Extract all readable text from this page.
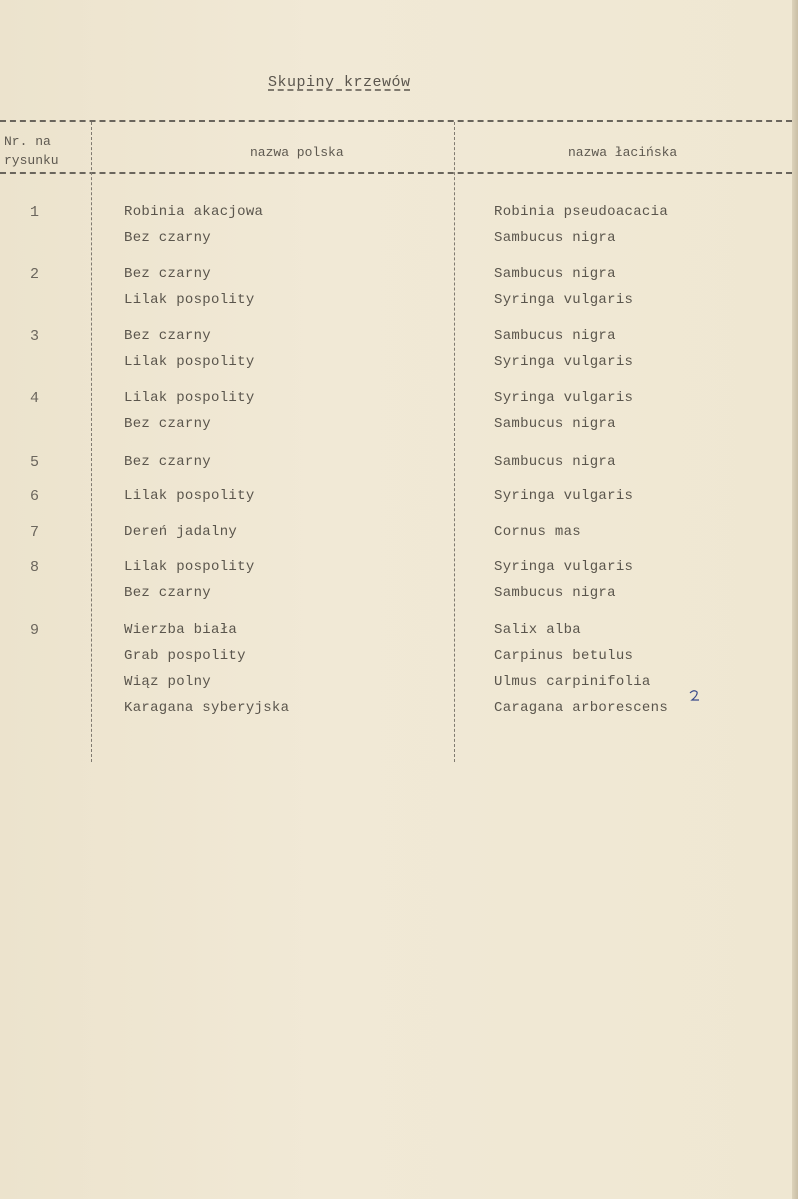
Skupiny krzewów
Nr. na rysunku
nazwa polska	nazwa łacińska
1	Robinia akacjowa	Robinia pseudoacacia
Bez czarny	Sambucus nigra
2	Bez czarny	Sambucus nigra
Lilak pospolity	Syringa vulgaris
3	Bez czarny	Sambucus nigra
Lilak pospolity	Syringa vulgaris
4	Lilak pospolity	Syringa vulgaris
Bez czarny	Sambucus nigra
5	Bez czarny	Sambucus nigra
6	Lilak pospolity	Syringa vulgaris
7	Dereń jadalny	Cornus mas
8	Lilak pospolity	Syringa vulgaris
Bez czarny	Sambucus nigra
9	Wierzba biała	Salix alba
Grab pospolity	Carpinus betulus
Wiąz polny	Ulmus carpinifolia
Karagana syberyjska	Caragana arborescens
